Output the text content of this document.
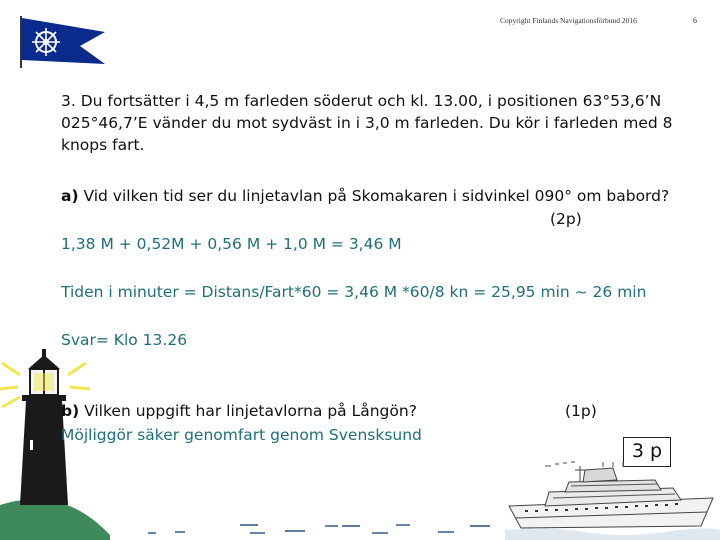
Copyright Finlands Navigationsförbund 2016	6
3. Du fortsätter i 4,5 m farleden söderut och kl. 13.00, i positionen 63°53,6’N 025°46,7’E vänder du mot sydväst in i 3,0 m farleden. Du kör i farleden med 8 knops fart.
a) Vid vilken tid ser du linjetavlan på Skomakaren i sidvinkel 090° om babord?
(2p)
1,38 M + 0,52M + 0,56 M + 1,0 M = 3,46 M
Tiden i minuter = Distans/Fart*60 = 3,46 M *60/8 kn = 25,95 min ~ 26 min
Svar= Klo 13.26
b) Vilken uppgift har linjetavlorna på Långön?	(1p)
Möjliggör säker genomfart genom Svensksund
3 p
